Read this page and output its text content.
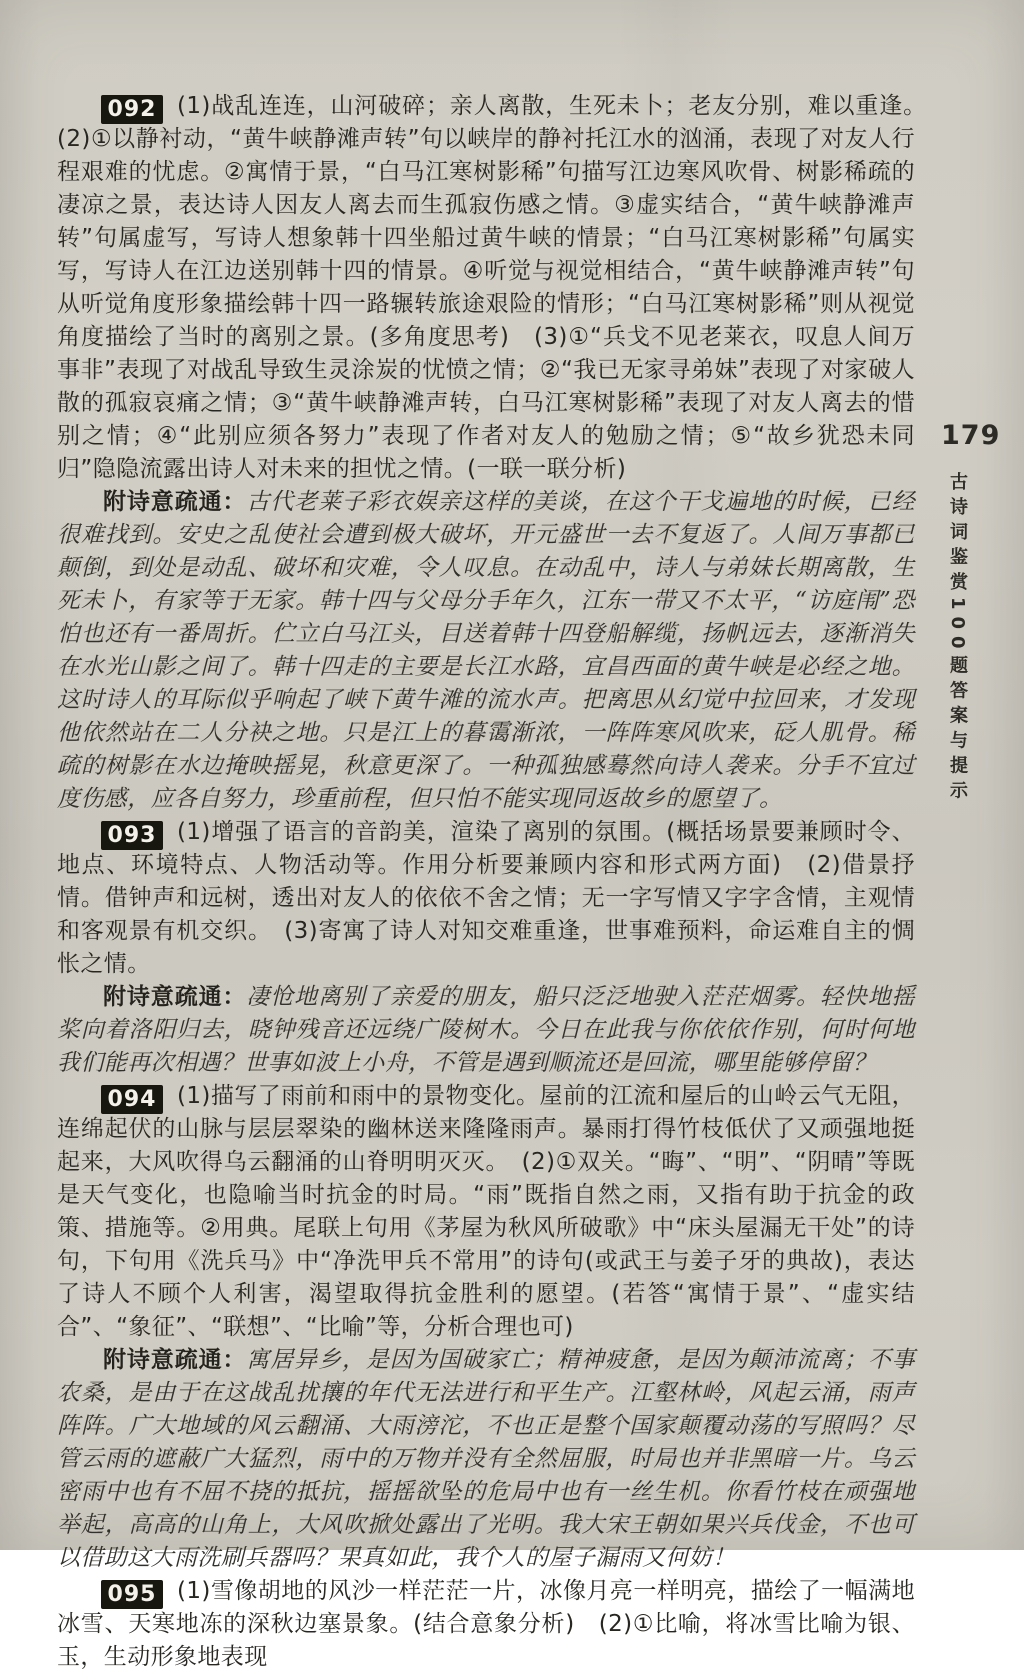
092 (1)战乱连连，山河破碎；亲人离散，生死未卜；老友分别，难以重逢。　(2)①以静衬动，“黄牛峡静滩声转”句以峡岸的静衬托江水的汹涌，表现了对友人行程艰难的忧虑。②寓情于景，“白马江寒树影稀”句描写江边寒风吹骨、树影稀疏的凄凉之景，表达诗人因友人离去而生孤寂伤感之情。③虚实结合，“黄牛峡静滩声转”句属虚写，写诗人想象韩十四坐船过黄牛峡的情景；“白马江寒树影稀”句属实写，写诗人在江边送别韩十四的情景。④听觉与视觉相结合，“黄牛峡静滩声转”句从听觉角度形象描绘韩十四一路辗转旅途艰险的情形；“白马江寒树影稀”则从视觉角度描绘了当时的离别之景。(多角度思考)　(3)①“兵戈不见老莱衣，叹息人间万事非”表现了对战乱导致生灵涂炭的忧愤之情；②“我已无家寻弟妹”表现了对家破人散的孤寂哀痛之情；③“黄牛峡静滩声转，白马江寒树影稀”表现了对友人离去的惜别之情；④“此别应须各努力”表现了作者对友人的勉励之情；⑤“故乡犹恐未同归”隐隐流露出诗人对未来的担忧之情。(一联一联分析)

附诗意疏通：古代老莱子彩衣娱亲这样的美谈，在这个干戈遍地的时候，已经很难找到。安史之乱使社会遭到极大破坏，开元盛世一去不复返了。人间万事都已颠倒，到处是动乱、破坏和灾难，令人叹息。在动乱中，诗人与弟妹长期离散，生死未卜，有家等于无家。韩十四与父母分手年久，江东一带又不太平，“访庭闱”恐怕也还有一番周折。伫立白马江头，目送着韩十四登船解缆，扬帆远去，逐渐消失在水光山影之间了。韩十四走的主要是长江水路，宜昌西面的黄牛峡是必经之地。这时诗人的耳际似乎响起了峡下黄牛滩的流水声。把离思从幻觉中拉回来，才发现他依然站在二人分袂之地。只是江上的暮霭渐浓，一阵阵寒风吹来，砭人肌骨。稀疏的树影在水边掩映摇晃，秋意更深了。一种孤独感蓦然向诗人袭来。分手不宜过度伤感，应各自努力，珍重前程，但只怕不能实现同返故乡的愿望了。

093 (1)增强了语言的音韵美，渲染了离别的氛围。(概括场景要兼顾时令、地点、环境特点、人物活动等。作用分析要兼顾内容和形式两方面)　(2)借景抒情。借钟声和远树，透出对友人的依依不舍之情；无一字写情又字字含情，主观情和客观景有机交织。　(3)寄寓了诗人对知交难重逢，世事难预料，命运难自主的惆怅之情。

附诗意疏通：凄怆地离别了亲爱的朋友，船只泛泛地驶入茫茫烟雾。轻快地摇桨向着洛阳归去，晓钟残音还远绕广陵树木。今日在此我与你依依作别，何时何地我们能再次相遇？世事如波上小舟，不管是遇到顺流还是回流，哪里能够停留？

094 (1)描写了雨前和雨中的景物变化。屋前的江流和屋后的山岭云气无阻，连绵起伏的山脉与层层翠染的幽林送来隆隆雨声。暴雨打得竹枝低伏了又顽强地挺起来，大风吹得乌云翻涌的山脊明明灭灭。　(2)①双关。“晦”、“明”、“阴晴”等既是天气变化，也隐喻当时抗金的时局。“雨”既指自然之雨，又指有助于抗金的政策、措施等。②用典。尾联上句用《茅屋为秋风所破歌》中“床头屋漏无干处”的诗句，下句用《洗兵马》中“净洗甲兵不常用”的诗句(或武王与姜子牙的典故)，表达了诗人不顾个人利害，渴望取得抗金胜利的愿望。(若答“寓情于景”、“虚实结合”、“象征”、“联想”、“比喻”等，分析合理也可)

附诗意疏通：寓居异乡，是因为国破家亡；精神疲惫，是因为颠沛流离；不事农桑，是由于在这战乱扰攘的年代无法进行和平生产。江壑林岭，风起云涌，雨声阵阵。广大地域的风云翻涌、大雨滂沱，不也正是整个国家颠覆动荡的写照吗？尽管云雨的遮蔽广大猛烈，雨中的万物并没有全然屈服，时局也并非黑暗一片。乌云密雨中也有不屈不挠的抵抗，摇摇欲坠的危局中也有一丝生机。你看竹枝在顽强地举起，高高的山角上，大风吹掀处露出了光明。我大宋王朝如果兴兵伐金，不也可以借助这大雨洗刷兵器吗？果真如此，我个人的屋子漏雨又何妨！

095 (1)雪像胡地的风沙一样茫茫一片，冰像月亮一样明亮，描绘了一幅满地冰雪、天寒地冻的深秋边塞景象。(结合意象分析)　(2)①比喻，将冰雪比喻为银、玉，生动形象地表现

179
古诗词鉴赏100题答案与提示
